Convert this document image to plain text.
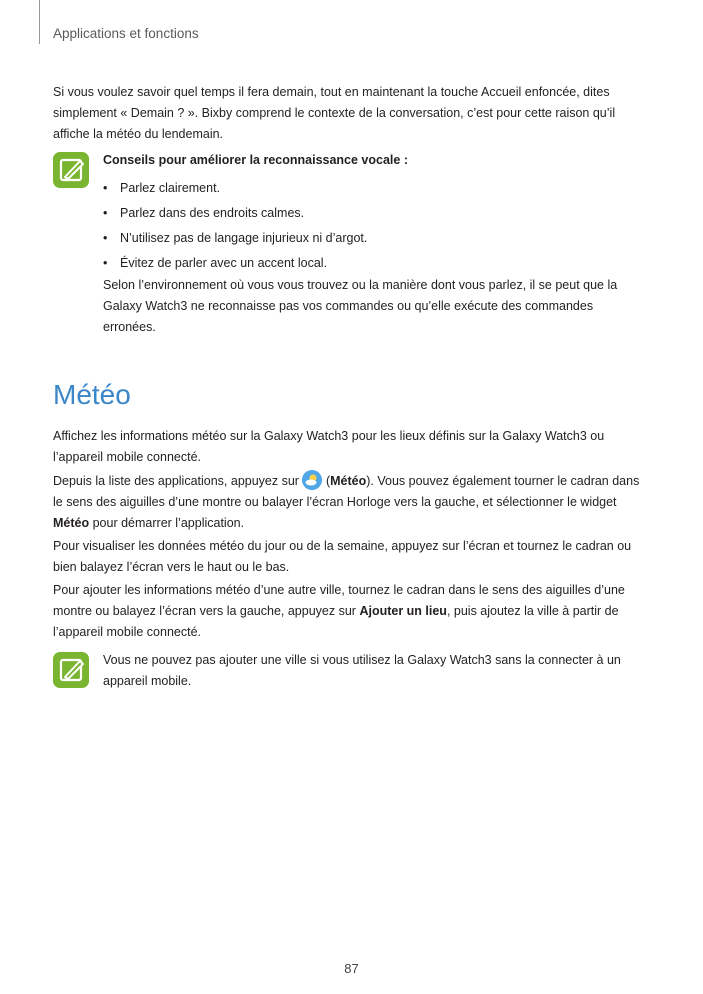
Applications et fonctions

Si vous voulez savoir quel temps il fera demain, tout en maintenant la touche Accueil enfoncée, dites simplement « Demain ? ». Bixby comprend le contexte de la conversation, c’est pour cette raison qu’il affiche la météo du lendemain.

Conseils pour améliorer la reconnaissance vocale :
• Parlez clairement.
• Parlez dans des endroits calmes.
• N’utilisez pas de langage injurieux ni d’argot.
• Évitez de parler avec un accent local.

Selon l’environnement où vous vous trouvez ou la manière dont vous parlez, il se peut que la Galaxy Watch3 ne reconnaisse pas vos commandes ou qu’elle exécute des commandes erronées.

Météo

Affichez les informations météo sur la Galaxy Watch3 pour les lieux définis sur la Galaxy Watch3 ou l’appareil mobile connecté.

Depuis la liste des applications, appuyez sur (Météo). Vous pouvez également tourner le cadran dans le sens des aiguilles d’une montre ou balayer l’écran Horloge vers la gauche, et sélectionner le widget Météo pour démarrer l’application.

Pour visualiser les données météo du jour ou de la semaine, appuyez sur l’écran et tournez le cadran ou bien balayez l’écran vers le haut ou le bas.

Pour ajouter les informations météo d’une autre ville, tournez le cadran dans le sens des aiguilles d’une montre ou balayez l’écran vers la gauche, appuyez sur Ajouter un lieu, puis ajoutez la ville à partir de l’appareil mobile connecté.

Vous ne pouvez pas ajouter une ville si vous utilisez la Galaxy Watch3 sans la connecter à un appareil mobile.

87
